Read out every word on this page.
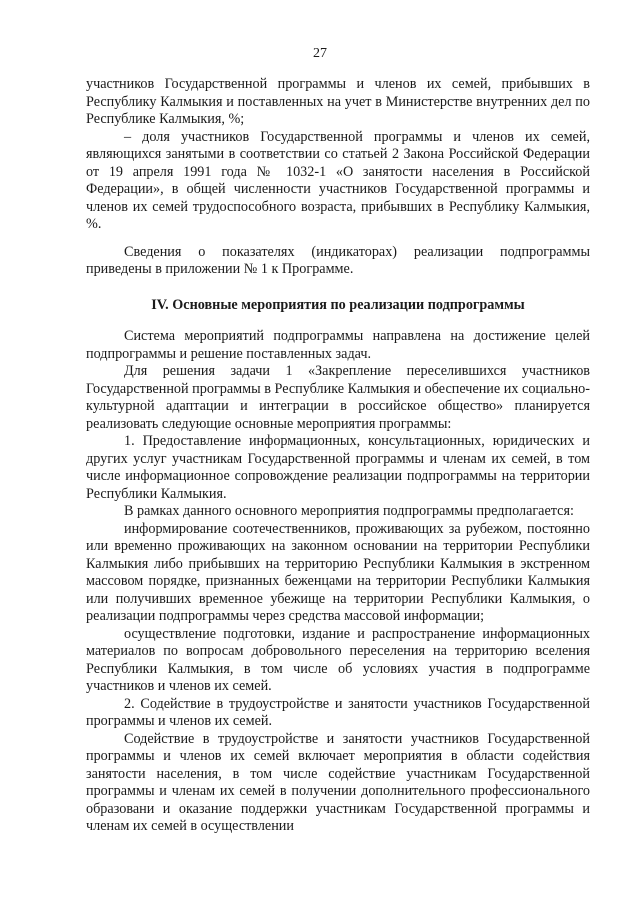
27

участников Государственной программы и членов их семей, прибывших в Республику Калмыкия и поставленных на учет в Министерстве внутренних дел по Республике Калмыкия, %;

– доля участников Государственной программы и членов их семей, являющихся занятыми в соответствии со статьей 2 Закона Российской Федерации от 19 апреля 1991 года № 1032-1 «О занятости населения в Российской Федерации», в общей численности участников Государственной программы и членов их семей трудоспособного возраста, прибывших в Республику Калмыкия, %.

Сведения о показателях (индикаторах) реализации подпрограммы приведены в приложении № 1 к Программе.

IV. Основные мероприятия по реализации подпрограммы

Система мероприятий подпрограммы направлена на достижение целей подпрограммы и решение поставленных задач.

Для решения задачи 1 «Закрепление переселившихся участников Государственной программы в Республике Калмыкия и обеспечение их социально-культурной адаптации и интеграции в российское общество» планируется реализовать следующие основные мероприятия программы:

1. Предоставление информационных, консультационных, юридических и других услуг участникам Государственной программы и членам их семей, в том числе информационное сопровождение реализации подпрограммы на территории Республики Калмыкия.

В рамках данного основного мероприятия подпрограммы предполагается:

информирование соотечественников, проживающих за рубежом, постоянно или временно проживающих на законном основании на территории Республики Калмыкия либо прибывших на территорию Республики Калмыкия в экстренном массовом порядке, признанных беженцами на территории Республики Калмыкия или получивших временное убежище на территории Республики Калмыкия, о реализации подпрограммы через средства массовой информации;

осуществление подготовки, издание и распространение информационных материалов по вопросам добровольного переселения на территорию вселения Республики Калмыкия, в том числе об условиях участия в подпрограмме участников и членов их семей.

2. Содействие в трудоустройстве и занятости участников Государственной программы и членов их семей.

Содействие в трудоустройстве и занятости участников Государственной программы и членов их семей включает мероприятия в области содействия занятости населения, в том числе содействие участникам Государственной программы и членам их семей в получении дополнительного профессионального образовани и оказание поддержки участникам Государственной программы и членам их семей в осуществлении
